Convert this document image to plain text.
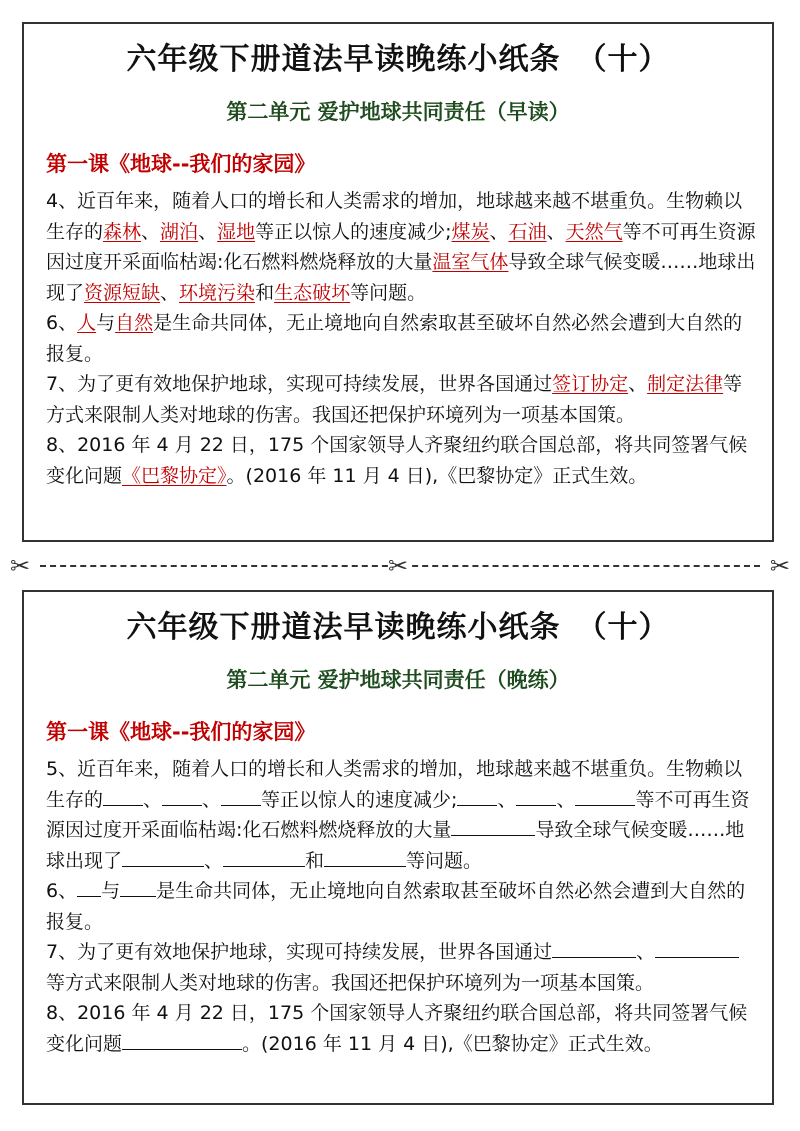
六年级下册道法早读晚练小纸条　（十）
第二单元 爱护地球共同责任（早读）
第一课《地球--我们的家园》

4、近百年来，随着人口的增长和人类需求的增加，地球越来越不堪重负。生物赖以生存的森林、湖泊、湿地等正以惊人的速度减少;煤炭、石油、天然气等不可再生资源因过度开采面临枯竭:化石燃料燃烧释放的大量温室气体导致全球气候变暖……地球出现了资源短缺、环境污染和生态破坏等问题。

6、人与自然是生命共同体，无止境地向自然索取甚至破坏自然必然会遭到大自然的报复。

7、为了更有效地保护地球，实现可持续发展，世界各国通过签订协定、制定法律等方式来限制人类对地球的伤害。我国还把保护环境列为一项基本国策。

8、2016 年 4 月 22 日，175 个国家领导人齐聚纽约联合国总部，将共同签署气候变化问题《巴黎协定》。(2016 年 11 月 4 日),《巴黎协定》正式生效。

✂	✂	✂
六年级下册道法早读晚练小纸条　（十）
第二单元 爱护地球共同责任（晚练）
第一课《地球--我们的家园》

5、近百年来，随着人口的增长和人类需求的增加，地球越来越不堪重负。生物赖以生存的 、 、 等正以惊人的速度减少; 、 、	等不可再生资源因过度开采面临枯竭:化石燃料燃烧释放的大量	导致全球气候变暖……地球出现了	、	和	等问题。

6、 与 是生命共同体，无止境地向自然索取甚至破坏自然必然会遭到大自然的报复。

7、为了更有效地保护地球，实现可持续发展，世界各国通过	、等方式来限制人类对地球的伤害。我国还把保护环境列为一项基本国策。

8、2016 年 4 月 22 日，175 个国家领导人齐聚纽约联合国总部，将共同签署气候变化问题	。(2016 年 11 月 4 日),《巴黎协定》正式生效。
